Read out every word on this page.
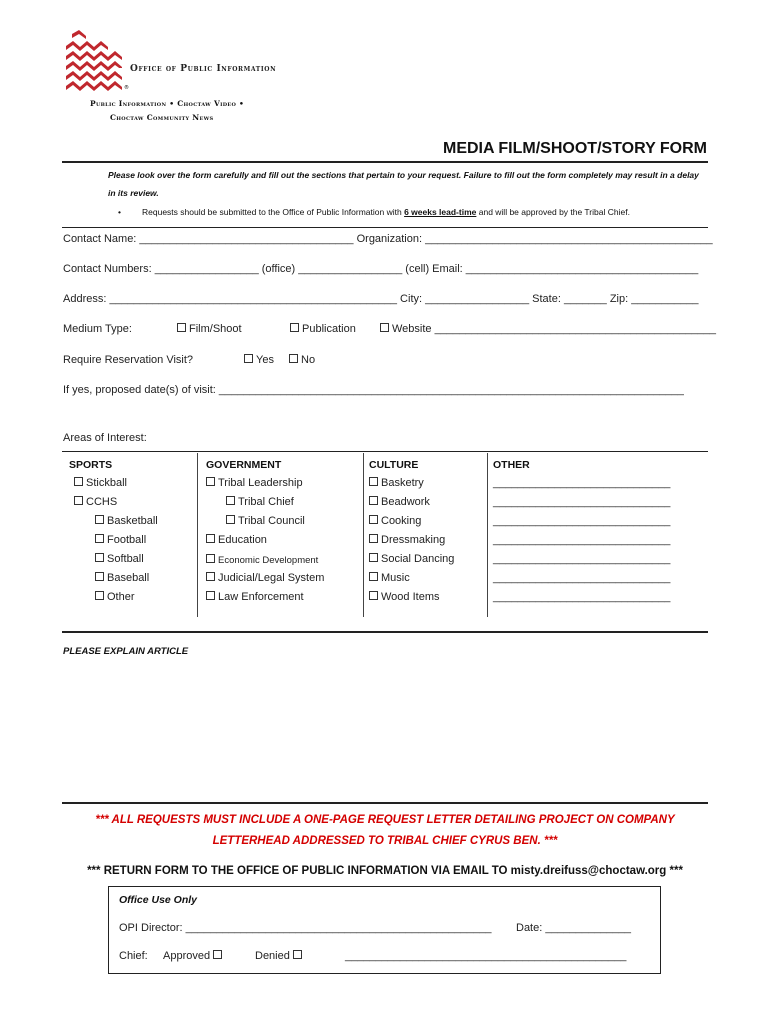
®
Office of Public Information
Public Information • Choctaw Video •
Choctaw Community News
MEDIA FILM/SHOOT/STORY FORM
Please look over the form carefully and fill out the sections that pertain to your request. Failure to fill out the form completely may result in a delay in its review.
• Requests should be submitted to the Office of Public Information with 6 weeks lead-time and will be approved by the Tribal Chief.
Contact Name: ___________________________________ Organization: _______________________________________________
Contact Numbers: _________________ (office) _________________ (cell) Email: ______________________________________
Address: _______________________________________________ City: _________________ State: _______ Zip: ___________
Medium Type:	Film/Shoot	Publication	Website ______________________________________________
Require Reservation Visit?	Yes	No
If yes, proposed date(s) of visit: ____________________________________________________________________________
Areas of Interest:
SPORTS
Stickball
CCHS
Basketball
Football
Softball
Baseball
Other
GOVERNMENT
Tribal Leadership
Tribal Chief
Tribal Council
Education
Economic Development
Judicial/Legal System
Law Enforcement
CULTURE
Basketry
Beadwork
Cooking
Dressmaking
Social Dancing
Music
Wood Items
OTHER
_____________________________
_____________________________
_____________________________
_____________________________
_____________________________
_____________________________
_____________________________
PLEASE EXPLAIN ARTICLE
*** ALL REQUESTS MUST INCLUDE A ONE-PAGE REQUEST LETTER DETAILING PROJECT ON COMPANY
LETTERHEAD ADDRESSED TO TRIBAL CHIEF CYRUS BEN. ***
*** RETURN FORM TO THE OFFICE OF PUBLIC INFORMATION VIA EMAIL TO misty.dreifuss@choctaw.org ***
Office Use Only
OPI Director: __________________________________________________ Date: ______________
Chief: Approved	Denied	______________________________________________
